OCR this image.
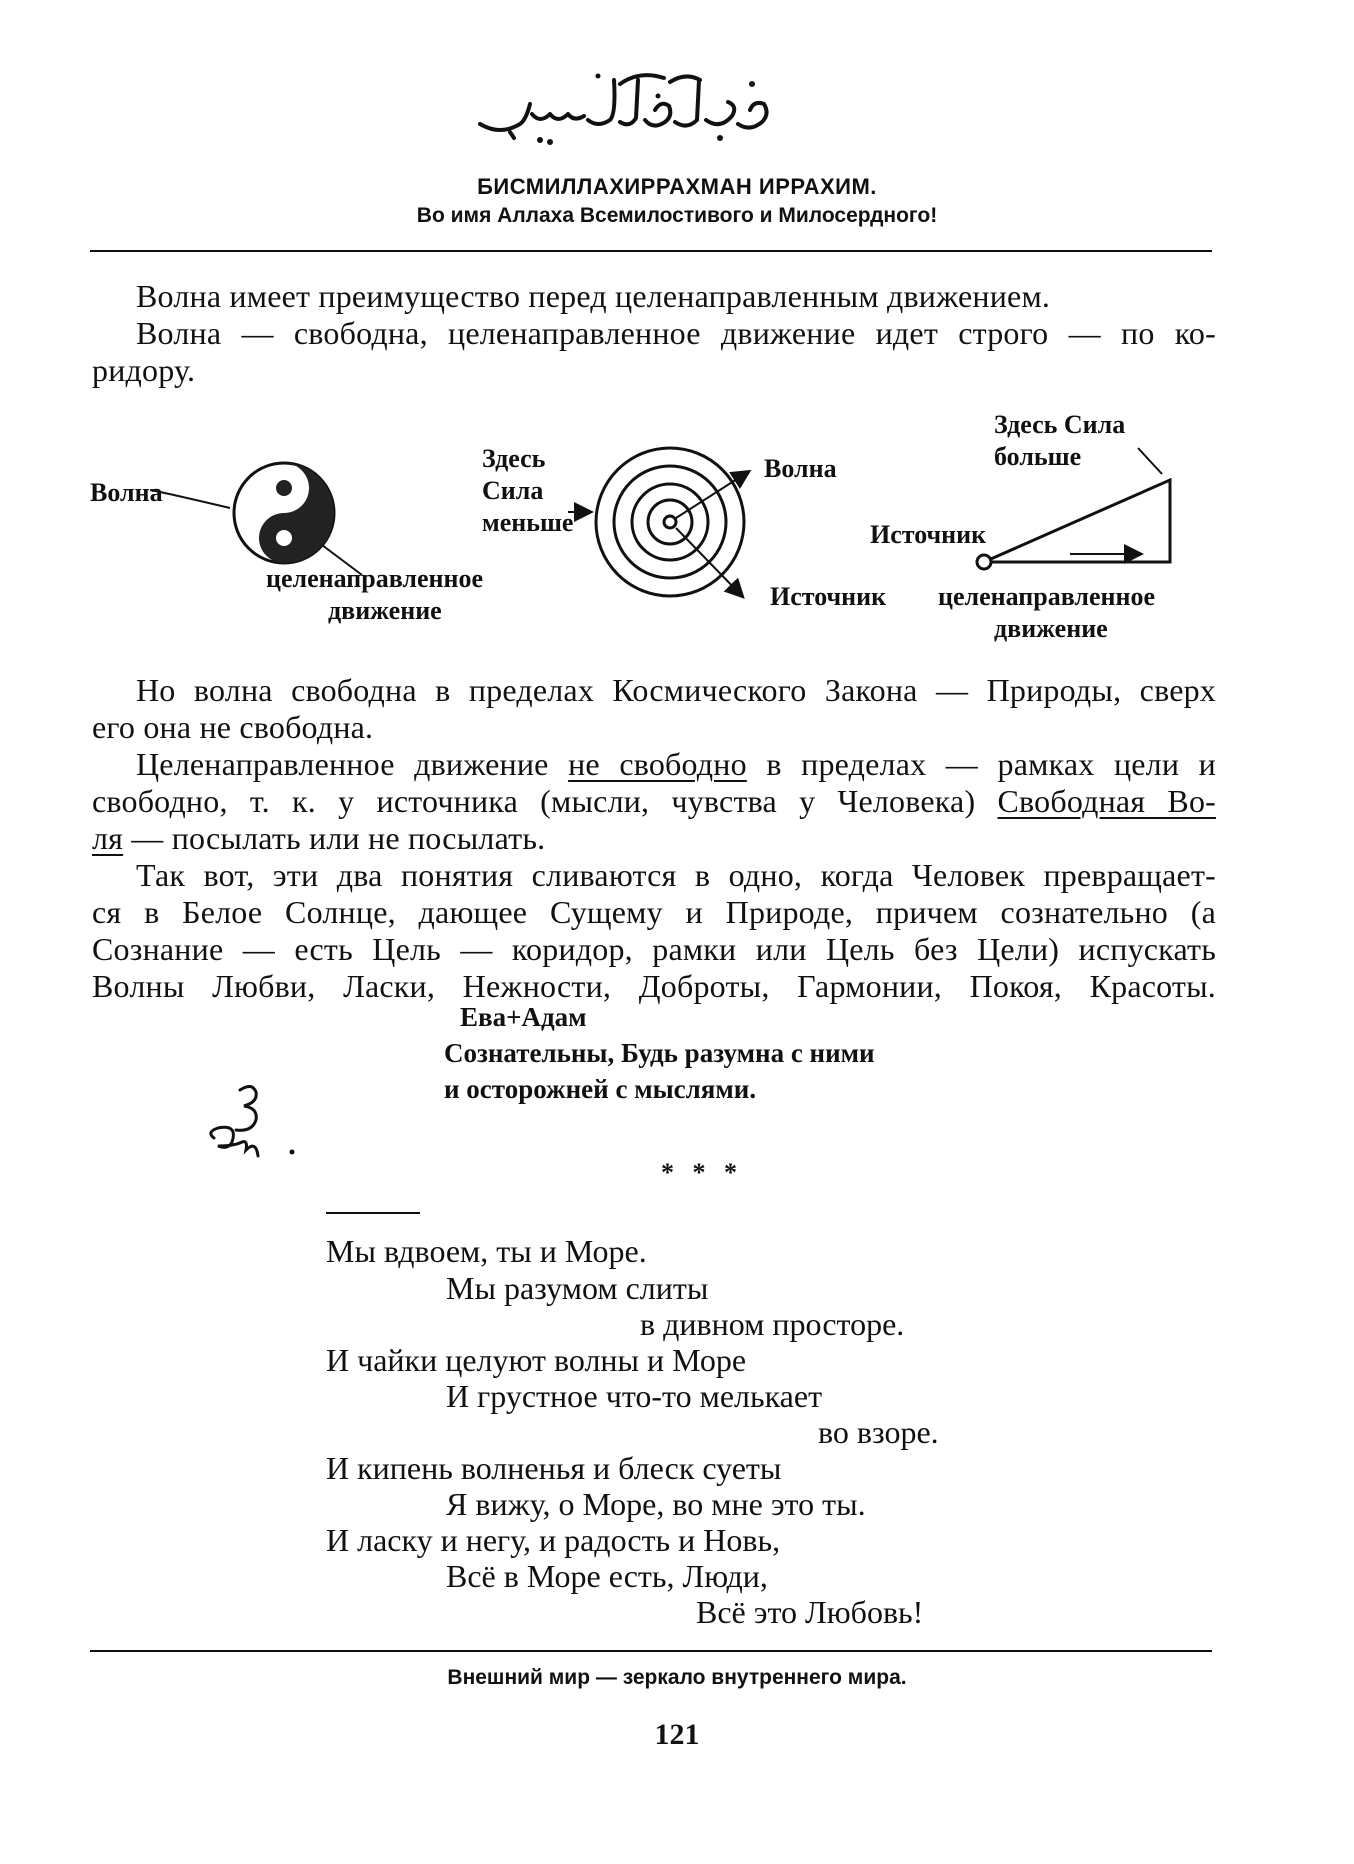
БИСМИЛЛАХИРРАХМАН ИРРАХИМ.
Во имя Аллаха Всемилостивого и Милосердного!
Волна имеет преимущество перед целенаправленным движением.
Волна — свободна, целенаправленное движение идет строго — по ко-
ридору.
Волна
целенаправленное
движение
Здесь
Сила
меньше
Волна
Источник
Здесь Сила
больше
Источник
целенаправленное
движение
Но волна свободна в пределах Космического Закона — Природы, сверх
его она не свободна.
Целенаправленное движение не свободно в пределах — рамках цели и
свободно, т. к. у источника (мысли, чувства у Человека) Свободная Во-
ля — посылать или не посылать.
Так вот, эти два понятия сливаются в одно, когда Человек превращает-
ся в Белое Солнце, дающее Сущему и Природе, причем сознательно (а
Сознание — есть Цель — коридор, рамки или Цель без Цели) испускать
Волны Любви, Ласки, Нежности, Доброты, Гармонии, Покоя, Красоты.
Ева+Адам
Сознательны, Будь разумна с ними
и осторожней с мыслями.
* * *
Мы вдвоем, ты и Море.
Мы разумом слиты
в дивном просторе.
И чайки целуют волны и Море
И грустное что-то мелькает
во взоре.
И кипень волненья и блеск суеты
Я вижу, о Море, во мне это ты.
И ласку и негу, и радость и Новь,
Всё в Море есть, Люди,
Всё это Любовь!
Внешний мир — зеркало внутреннего мира.
121
